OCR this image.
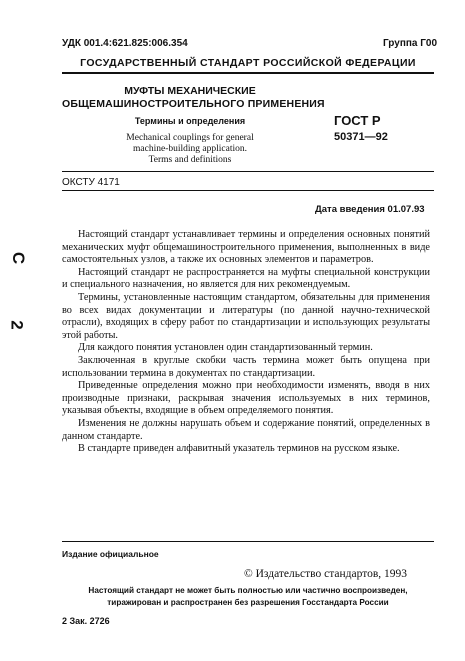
УДК 001.4:621.825:006.354	Группа Г00
ГОСУДАРСТВЕННЫЙ СТАНДАРТ РОССИЙСКОЙ ФЕДЕРАЦИИ
МУФТЫ МЕХАНИЧЕСКИЕ
ОБЩЕМАШИНОСТРОИТЕЛЬНОГО ПРИМЕНЕНИЯ
Термины и определения
Mechanical couplings for general
machine-building application.
Terms and definitions
ГОСТ Р
50371—92
ОКСТУ 4171
Дата введения 01.07.93
С
2

Настоящий стандарт устанавливает термины и определения основных понятий механических муфт общемашиностроительного применения, выполненных в виде самостоятельных узлов, а также их основных элементов и параметров.

Настоящий стандарт не распространяется на муфты специальной конструкции и специального назначения, но является для них рекомендуемым.

Термины, установленные настоящим стандартом, обязательны для применения во всех видах документации и литературы (по данной научно-технической отрасли), входящих в сферу работ по стандартизации и использующих результаты этой работы.

Для каждого понятия установлен один стандартизованный термин.

Заключенная в круглые скобки часть термина может быть опущена при использовании термина в документах по стандартизации.

Приведенные определения можно при необходимости изменять, вводя в них производные признаки, раскрывая значения используемых в них терминов, указывая объекты, входящие в объем определяемого понятия.

Изменения не должны нарушать объем и содержание понятий, определенных в данном стандарте.

В стандарте приведен алфавитный указатель терминов на русском языке.

Издание официальное
© Издательство стандартов, 1993
Настоящий стандарт не может быть полностью или частично воспроизведен,
тиражирован и распространен без разрешения Госстандарта России
2 Зак. 2726
